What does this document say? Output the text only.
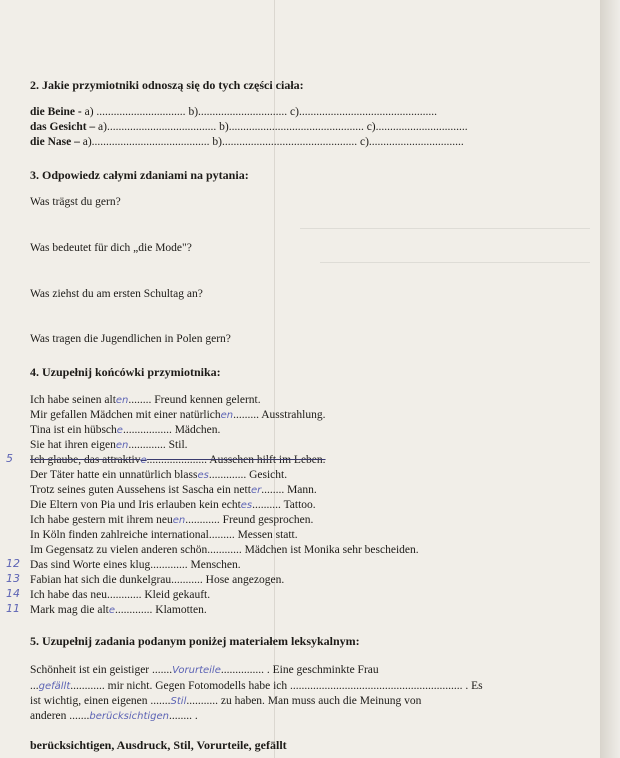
2. Jakie przymiotniki odnoszą się do tych części ciała:
die Beine - a) ............................... b)............................... c)................................................
das Gesicht – a)...................................... b)............................................... c)................................
die Nase – a)......................................... b)............................................... c).................................
3. Odpowiedz całymi zdaniami na pytania:
Was trägst du gern?
Was bedeutet für dich „die Mode"?
Was ziehst du am ersten Schultag an?
Was tragen die Jugendlichen in Polen gern?
4. Uzupełnij końcówki przymiotnika:
Ich habe seinen alten........ Freund kennen gelernt.
Mir gefallen Mädchen mit einer natürlichen......... Ausstrahlung.
Tina ist ein hübsche................. Mädchen.
Sie hat ihren eigenen............. Stil.
Ich glaube, das attraktive..................... Aussehen hilft im Leben.
Der Täter hatte ein unnatürlich blasses............. Gesicht.
Trotz seines guten Aussehens ist Sascha ein netter........ Mann.
Die Eltern von Pia und Iris erlauben kein echtes.......... Tattoo.
Ich habe gestern mit ihrem neuen............ Freund gesprochen.
In Köln finden zahlreiche international......... Messen statt.
Im Gegensatz zu vielen anderen schön............ Mädchen ist Monika sehr bescheiden.
Das sind Worte eines klug............. Menschen.
Fabian hat sich die dunkelgrau........... Hose angezogen.
Ich habe das neu............ Kleid gekauft.
Mark mag die alte............. Klamotten.
5
12
13
14
11
5. Uzupełnij zadania podanym poniżej materiałem leksykalnym:
Schönheit ist ein geistiger .......Vorurteile............... . Eine geschminkte Frau
...gefällt............ mir nicht. Gegen Fotomodells habe ich ............................................................ . Es
ist wichtig, einen eigenen .......Stil........... zu haben. Man muss auch die Meinung von
anderen .......berücksichtigen........ .
berücksichtigen, Ausdruck, Stil, Vorurteile, gefällt
